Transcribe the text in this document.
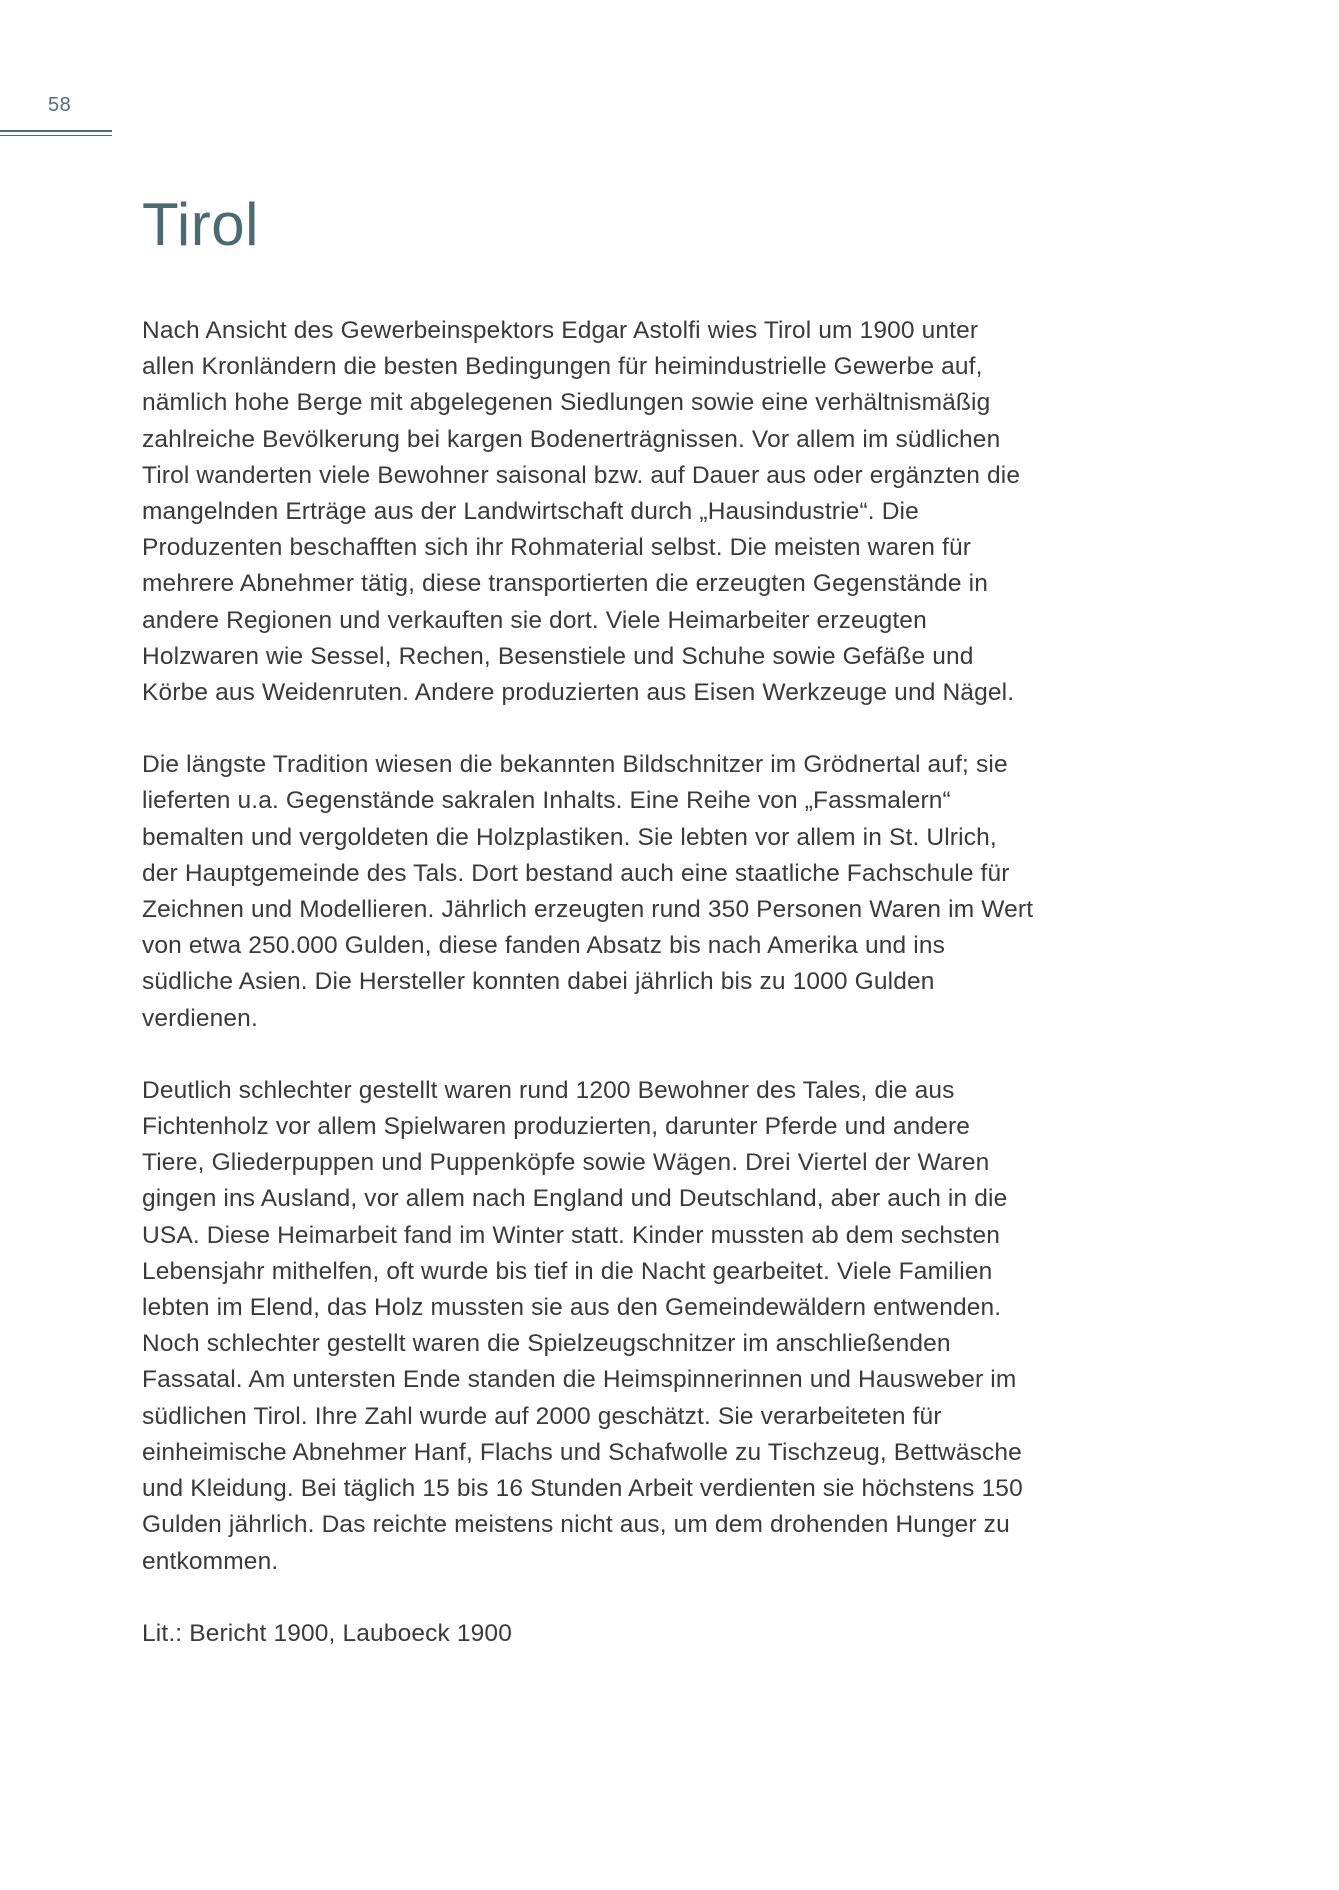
58
Tirol

Nach Ansicht des Gewerbeinspektors Edgar Astolfi wies Tirol um 1900 unter allen Kronländern die besten Bedingungen für heimindustrielle Gewerbe auf, nämlich hohe Berge mit abgelegenen Siedlungen sowie eine verhältnismäßig zahlreiche Bevölkerung bei kargen Bodenerträgnissen. Vor allem im südlichen Tirol wanderten viele Bewohner saisonal bzw. auf Dauer aus oder ergänzten die mangelnden Erträge aus der Landwirtschaft durch „Hausindustrie“. Die Produzenten beschafften sich ihr Rohmaterial selbst. Die meisten waren für mehrere Abnehmer tätig, diese transportierten die erzeugten Gegenstände in andere Regionen und verkauften sie dort. Viele Heimarbeiter erzeugten Holzwaren wie Sessel, Rechen, Besenstiele und Schuhe sowie Gefäße und Körbe aus Weidenruten. Andere produzierten aus Eisen Werkzeuge und Nägel.

Die längste Tradition wiesen die bekannten Bildschnitzer im Grödnertal auf; sie lieferten u.a. Gegenstände sakralen Inhalts. Eine Reihe von „Fassmalern“ bemalten und vergoldeten die Holzplastiken. Sie lebten vor allem in St. Ulrich, der Hauptgemeinde des Tals. Dort bestand auch eine staatliche Fachschule für Zeichnen und Modellieren. Jährlich erzeugten rund 350 Personen Waren im Wert von etwa 250.000 Gulden, diese fanden Absatz bis nach Amerika und ins südliche Asien. Die Hersteller konnten dabei jährlich bis zu 1000 Gulden verdienen.

Deutlich schlechter gestellt waren rund 1200 Bewohner des Tales, die aus Fichtenholz vor allem Spielwaren produzierten, darunter Pferde und andere Tiere, Gliederpuppen und Puppenköpfe sowie Wägen. Drei Viertel der Waren gingen ins Ausland, vor allem nach England und Deutschland, aber auch in die USA. Diese Heimarbeit fand im Winter statt. Kinder mussten ab dem sechsten Lebensjahr mithelfen, oft wurde bis tief in die Nacht gearbeitet. Viele Familien lebten im Elend, das Holz mussten sie aus den Gemeindewäldern entwenden. Noch schlechter gestellt waren die Spielzeugschnitzer im anschließenden Fassatal. Am untersten Ende standen die Heimspinnerinnen und Hausweber im südlichen Tirol. Ihre Zahl wurde auf 2000 geschätzt. Sie verarbeiteten für einheimische Abnehmer Hanf, Flachs und Schafwolle zu Tischzeug, Bettwäsche und Kleidung. Bei täglich 15 bis 16 Stunden Arbeit verdienten sie höchstens 150 Gulden jährlich. Das reichte meistens nicht aus, um dem drohenden Hunger zu entkommen.

Lit.: Bericht 1900, Lauboeck 1900
